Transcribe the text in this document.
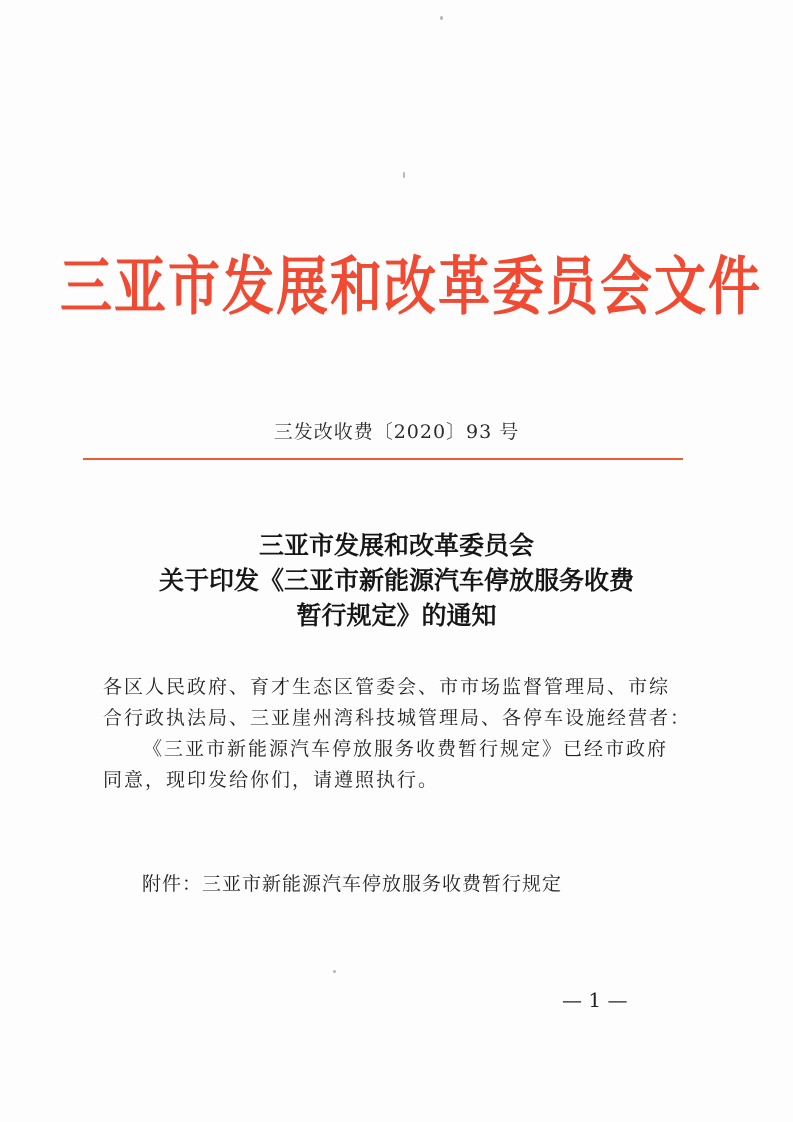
三亚市发展和改革委员会文件
三发改收费〔2020〕93 号
三亚市发展和改革委员会
关于印发《三亚市新能源汽车停放服务收费
暂行规定》的通知
各区人民政府、育才生态区管委会、市市场监督管理局、市综
合行政执法局、三亚崖州湾科技城管理局、各停车设施经营者：
《三亚市新能源汽车停放服务收费暂行规定》已经市政府
同意，现印发给你们，请遵照执行。
附件：三亚市新能源汽车停放服务收费暂行规定
— 1 —
